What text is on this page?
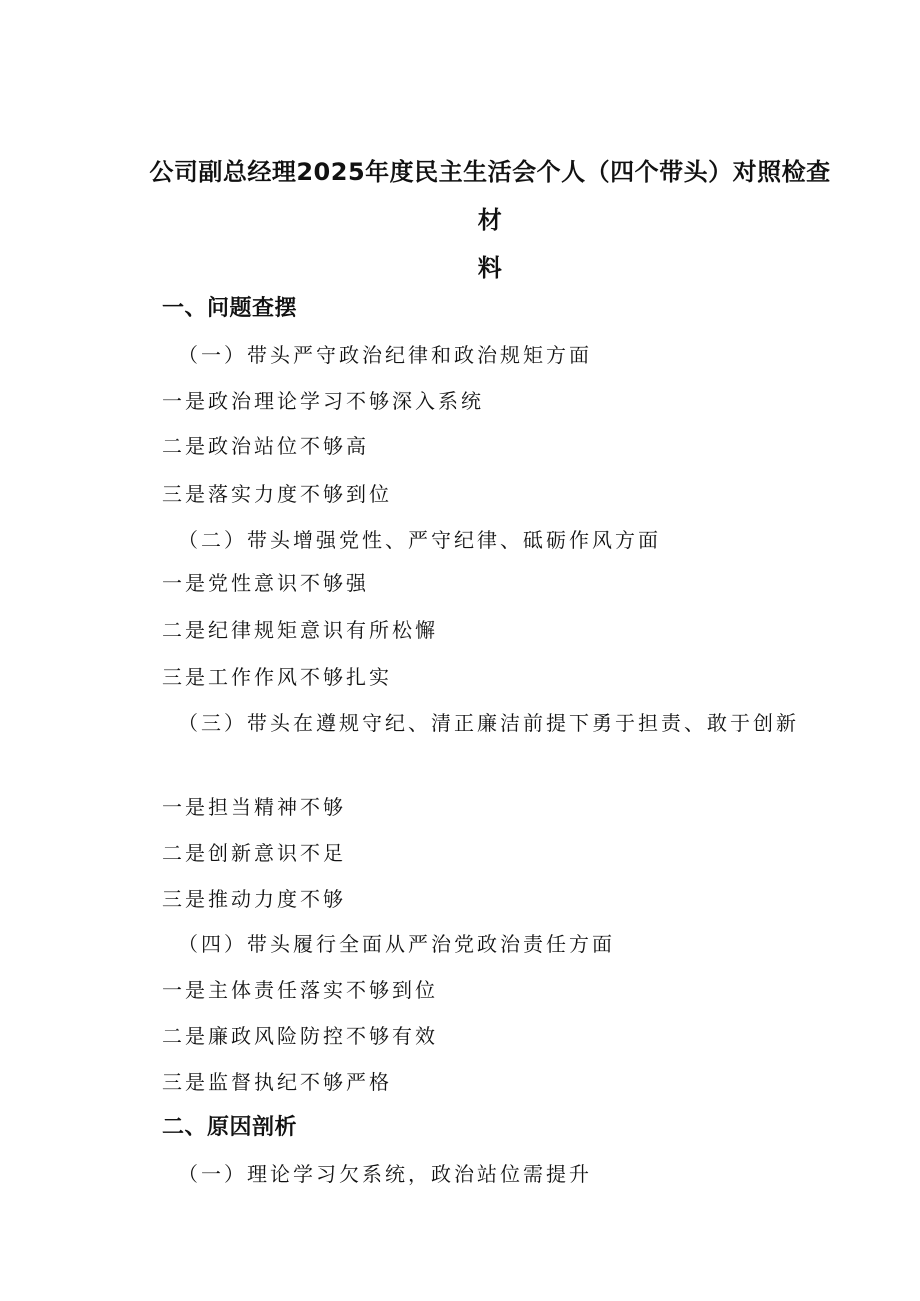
公司副总经理2025年度民主生活会个人（四个带头）对照检查材
料
一、问题查摆
（一）带头严守政治纪律和政治规矩方面
一是政治理论学习不够深入系统
二是政治站位不够高
三是落实力度不够到位
（二）带头增强党性、严守纪律、砥砺作风方面
一是党性意识不够强
二是纪律规矩意识有所松懈
三是工作作风不够扎实
（三）带头在遵规守纪、清正廉洁前提下勇于担责、敢于创新
一是担当精神不够
二是创新意识不足
三是推动力度不够
（四）带头履行全面从严治党政治责任方面
一是主体责任落实不够到位
二是廉政风险防控不够有效
三是监督执纪不够严格
二、原因剖析
（一）理论学习欠系统，政治站位需提升
